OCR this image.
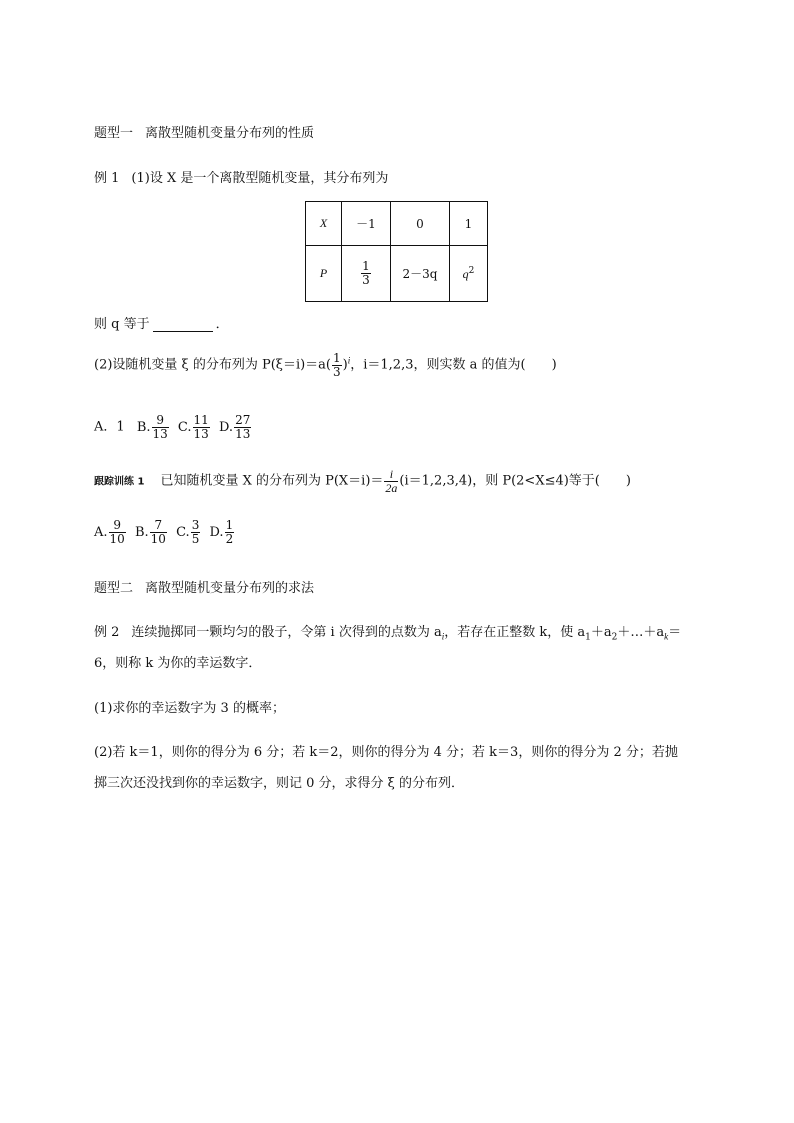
题型一 离散型随机变量分布列的性质
例 1 (1)设 X 是一个离散型随机变量，其分布列为
X	－1	0	1
P	$\frac{1}{3}$	2－3q	$q^2$
则 q 等于	．
(2)设随机变量 ξ 的分布列为 $P(\xi=i)=a( \frac{1}{3} )^i$，i＝1,2,3，则实数 a 的值为(　　)
A．1 B. $\frac{9}{13} C$. $\frac{11}{13} D$. $\frac{27}{13}$
跟踪训练 1 已知随机变量 X 的分布列为 $P(X=i)= \frac{i}{2a} (i=1,2,3,4)$，则 P(2<X≤4)等于(　　)
A. $\frac{9}{10} B$. $\frac{7}{10} C$. $\frac{3}{5} D$. $\frac{1}{2}$
题型二 离散型随机变量分布列的求法
例 2 连续抛掷同一颗均匀的骰子，令第 i 次得到的点数为 $a_i$，若存在正整数 k，使 $a_1+a_2+\dots+a_k=$
6，则称 k 为你的幸运数字．
(1)求你的幸运数字为 3 的概率；
(2)若 k＝1，则你的得分为 6 分；若 k＝2，则你的得分为 4 分；若 k＝3，则你的得分为 2 分；若抛
掷三次还没找到你的幸运数字，则记 0 分，求得分 ξ 的分布列．
